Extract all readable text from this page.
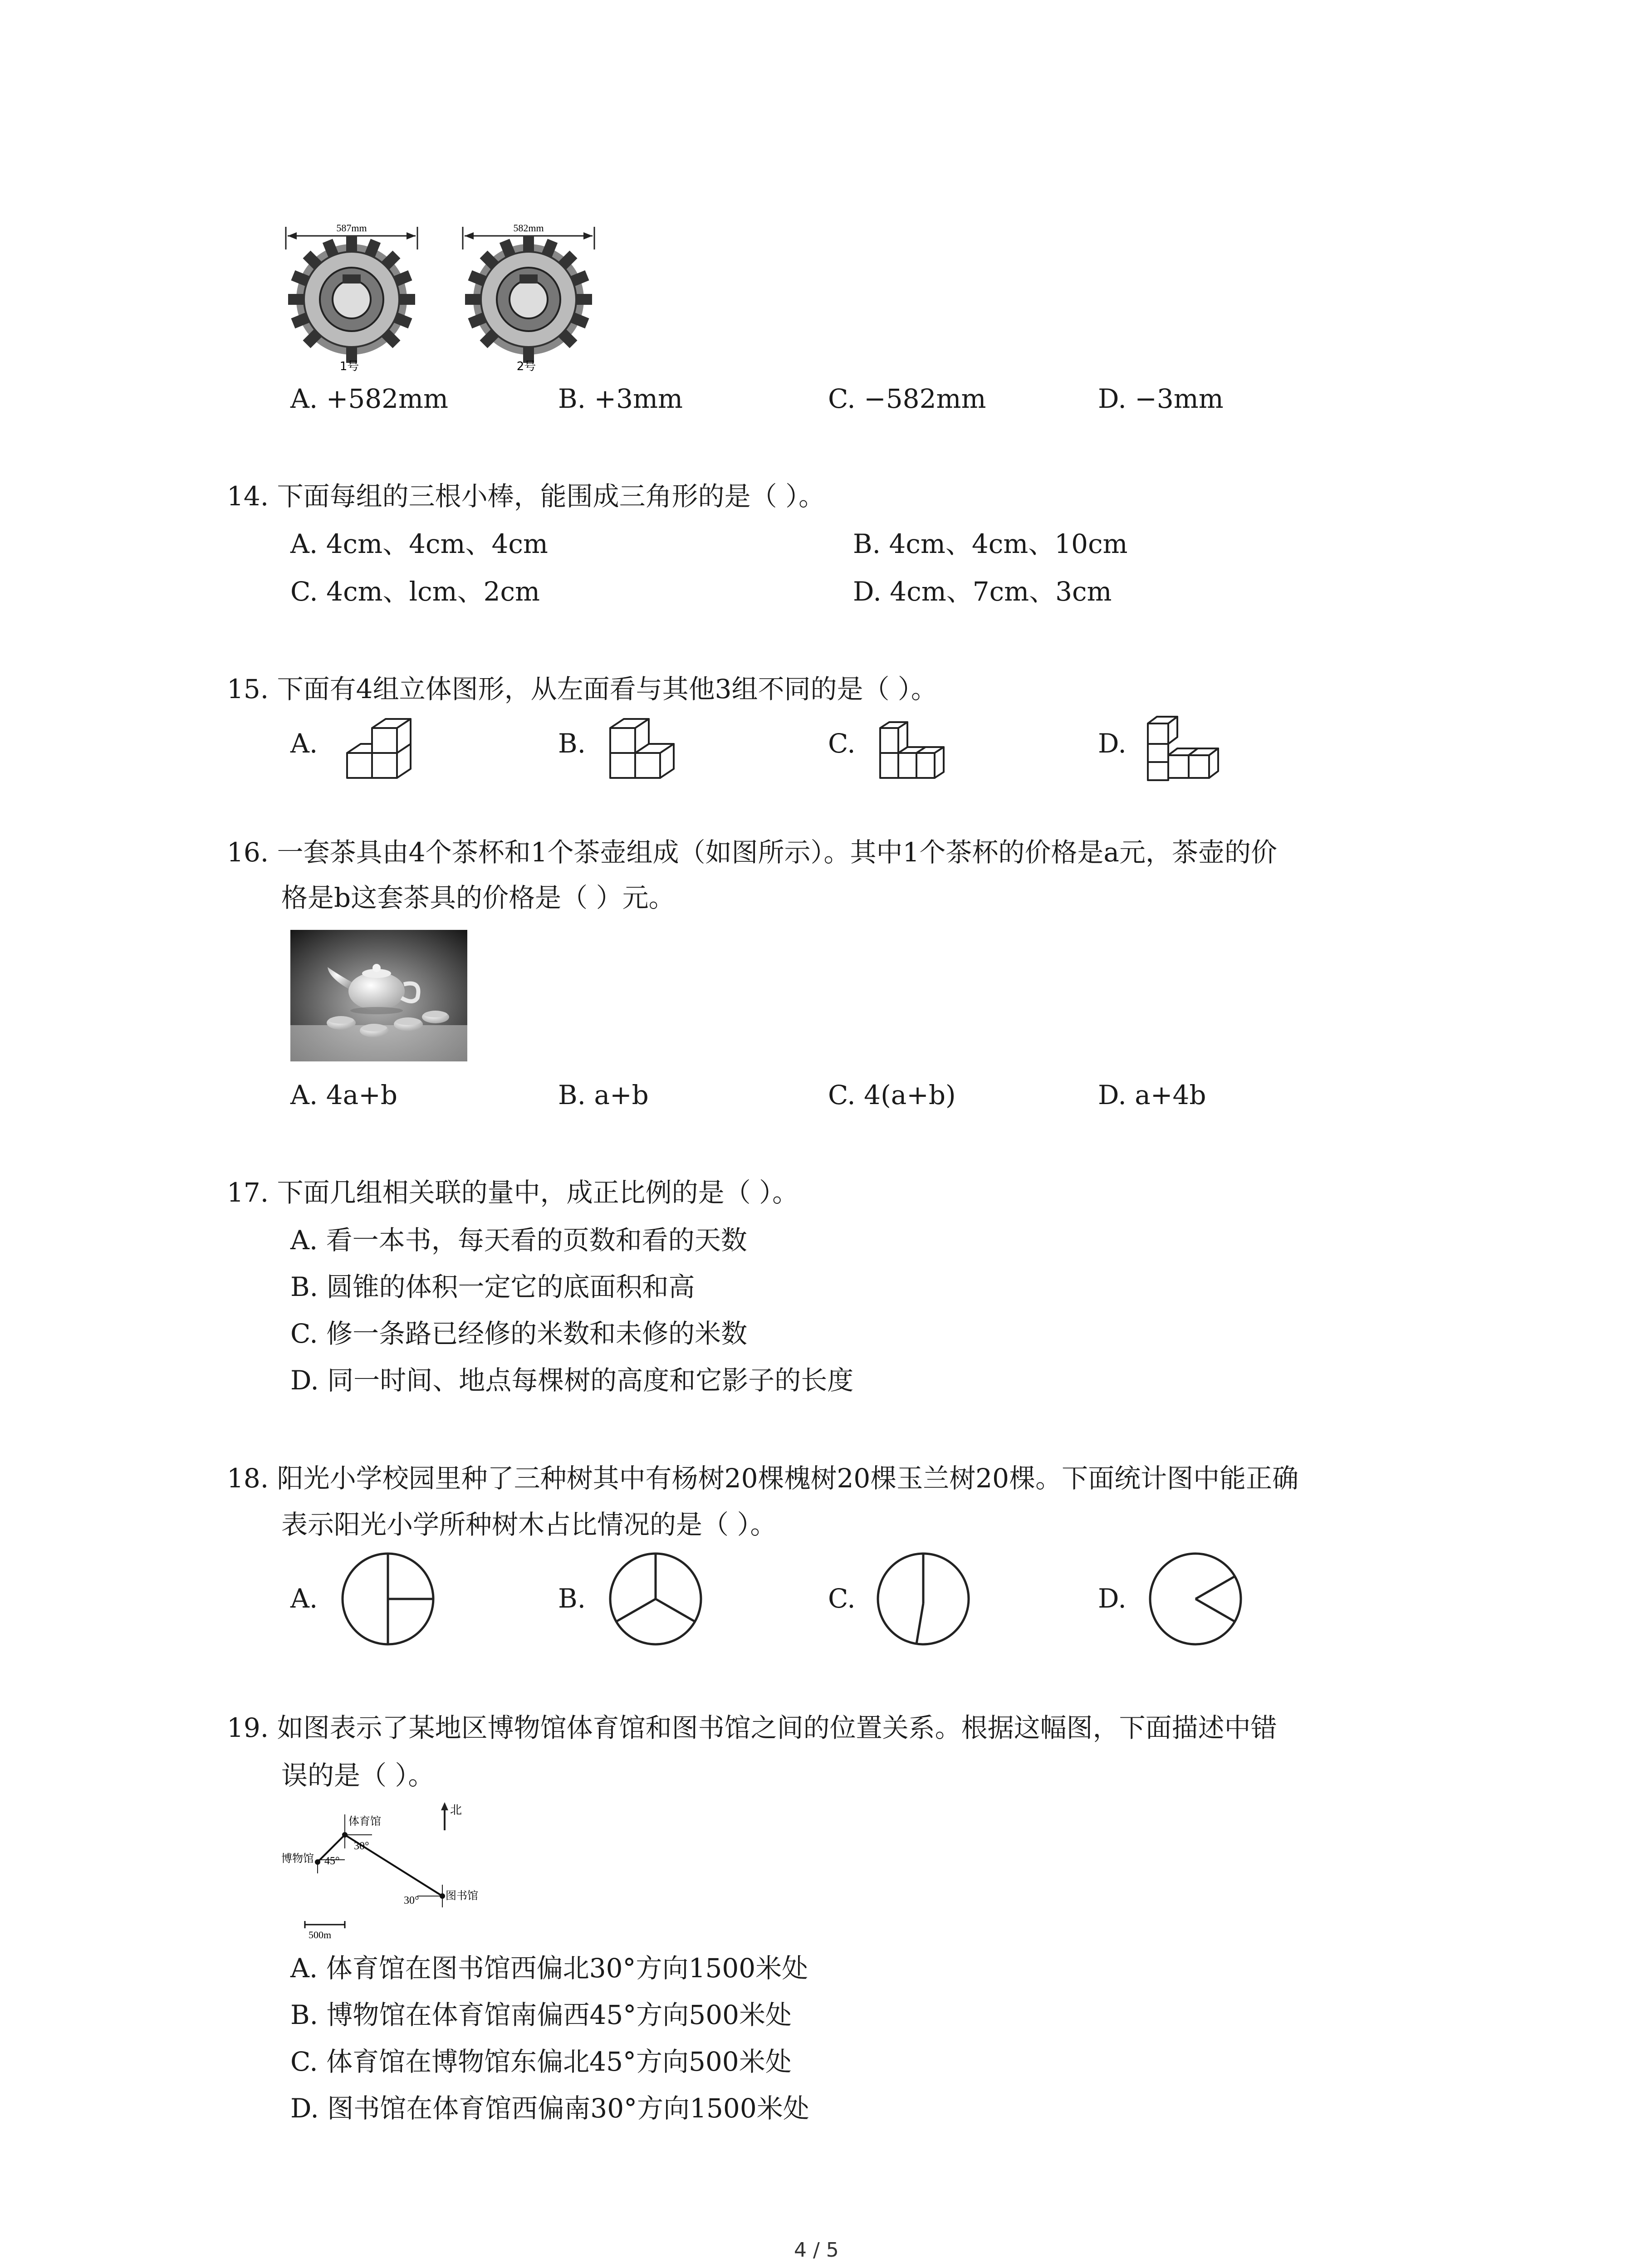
587mm
1号
582mm
2号
A. +582mm	B. +3mm	C. −582mm	D. −3mm
14. 下面每组的三根小棒，能围成三角形的是（ ）。
A. 4cm、4cm、4cm	B. 4cm、4cm、10cm
C. 4cm、lcm、2cm	D. 4cm、7cm、3cm
15. 下面有4组立体图形，从左面看与其他3组不同的是（ ）。
A.	B.	C.	D.
16. 一套茶具由4个茶杯和1个茶壶组成（如图所示）。其中1个茶杯的价格是a元，茶壶的价
格是b这套茶具的价格是（ ）元。
A. 4a+b	B. a+b	C. 4(a+b)	D. a+4b
17. 下面几组相关联的量中，成正比例的是（ ）。
A. 看一本书，每天看的页数和看的天数
B. 圆锥的体积一定它的底面积和高
C. 修一条路已经修的米数和未修的米数
D. 同一时间、地点每棵树的高度和它影子的长度
18. 阳光小学校园里种了三种树其中有杨树20棵槐树20棵玉兰树20棵。下面统计图中能正确
表示阳光小学所种树木占比情况的是（ ）。
A.	B.	C.	D.
19. 如图表示了某地区博物馆体育馆和图书馆之间的位置关系。根据这幅图，下面描述中错
误的是（ ）。
北
体育馆
博物馆
图书馆
30°
45°
30°
500m
A. 体育馆在图书馆西偏北30°方向1500米处
B. 博物馆在体育馆南偏西45°方向500米处
C. 体育馆在博物馆东偏北45°方向500米处
D. 图书馆在体育馆西偏南30°方向1500米处
4 / 5
